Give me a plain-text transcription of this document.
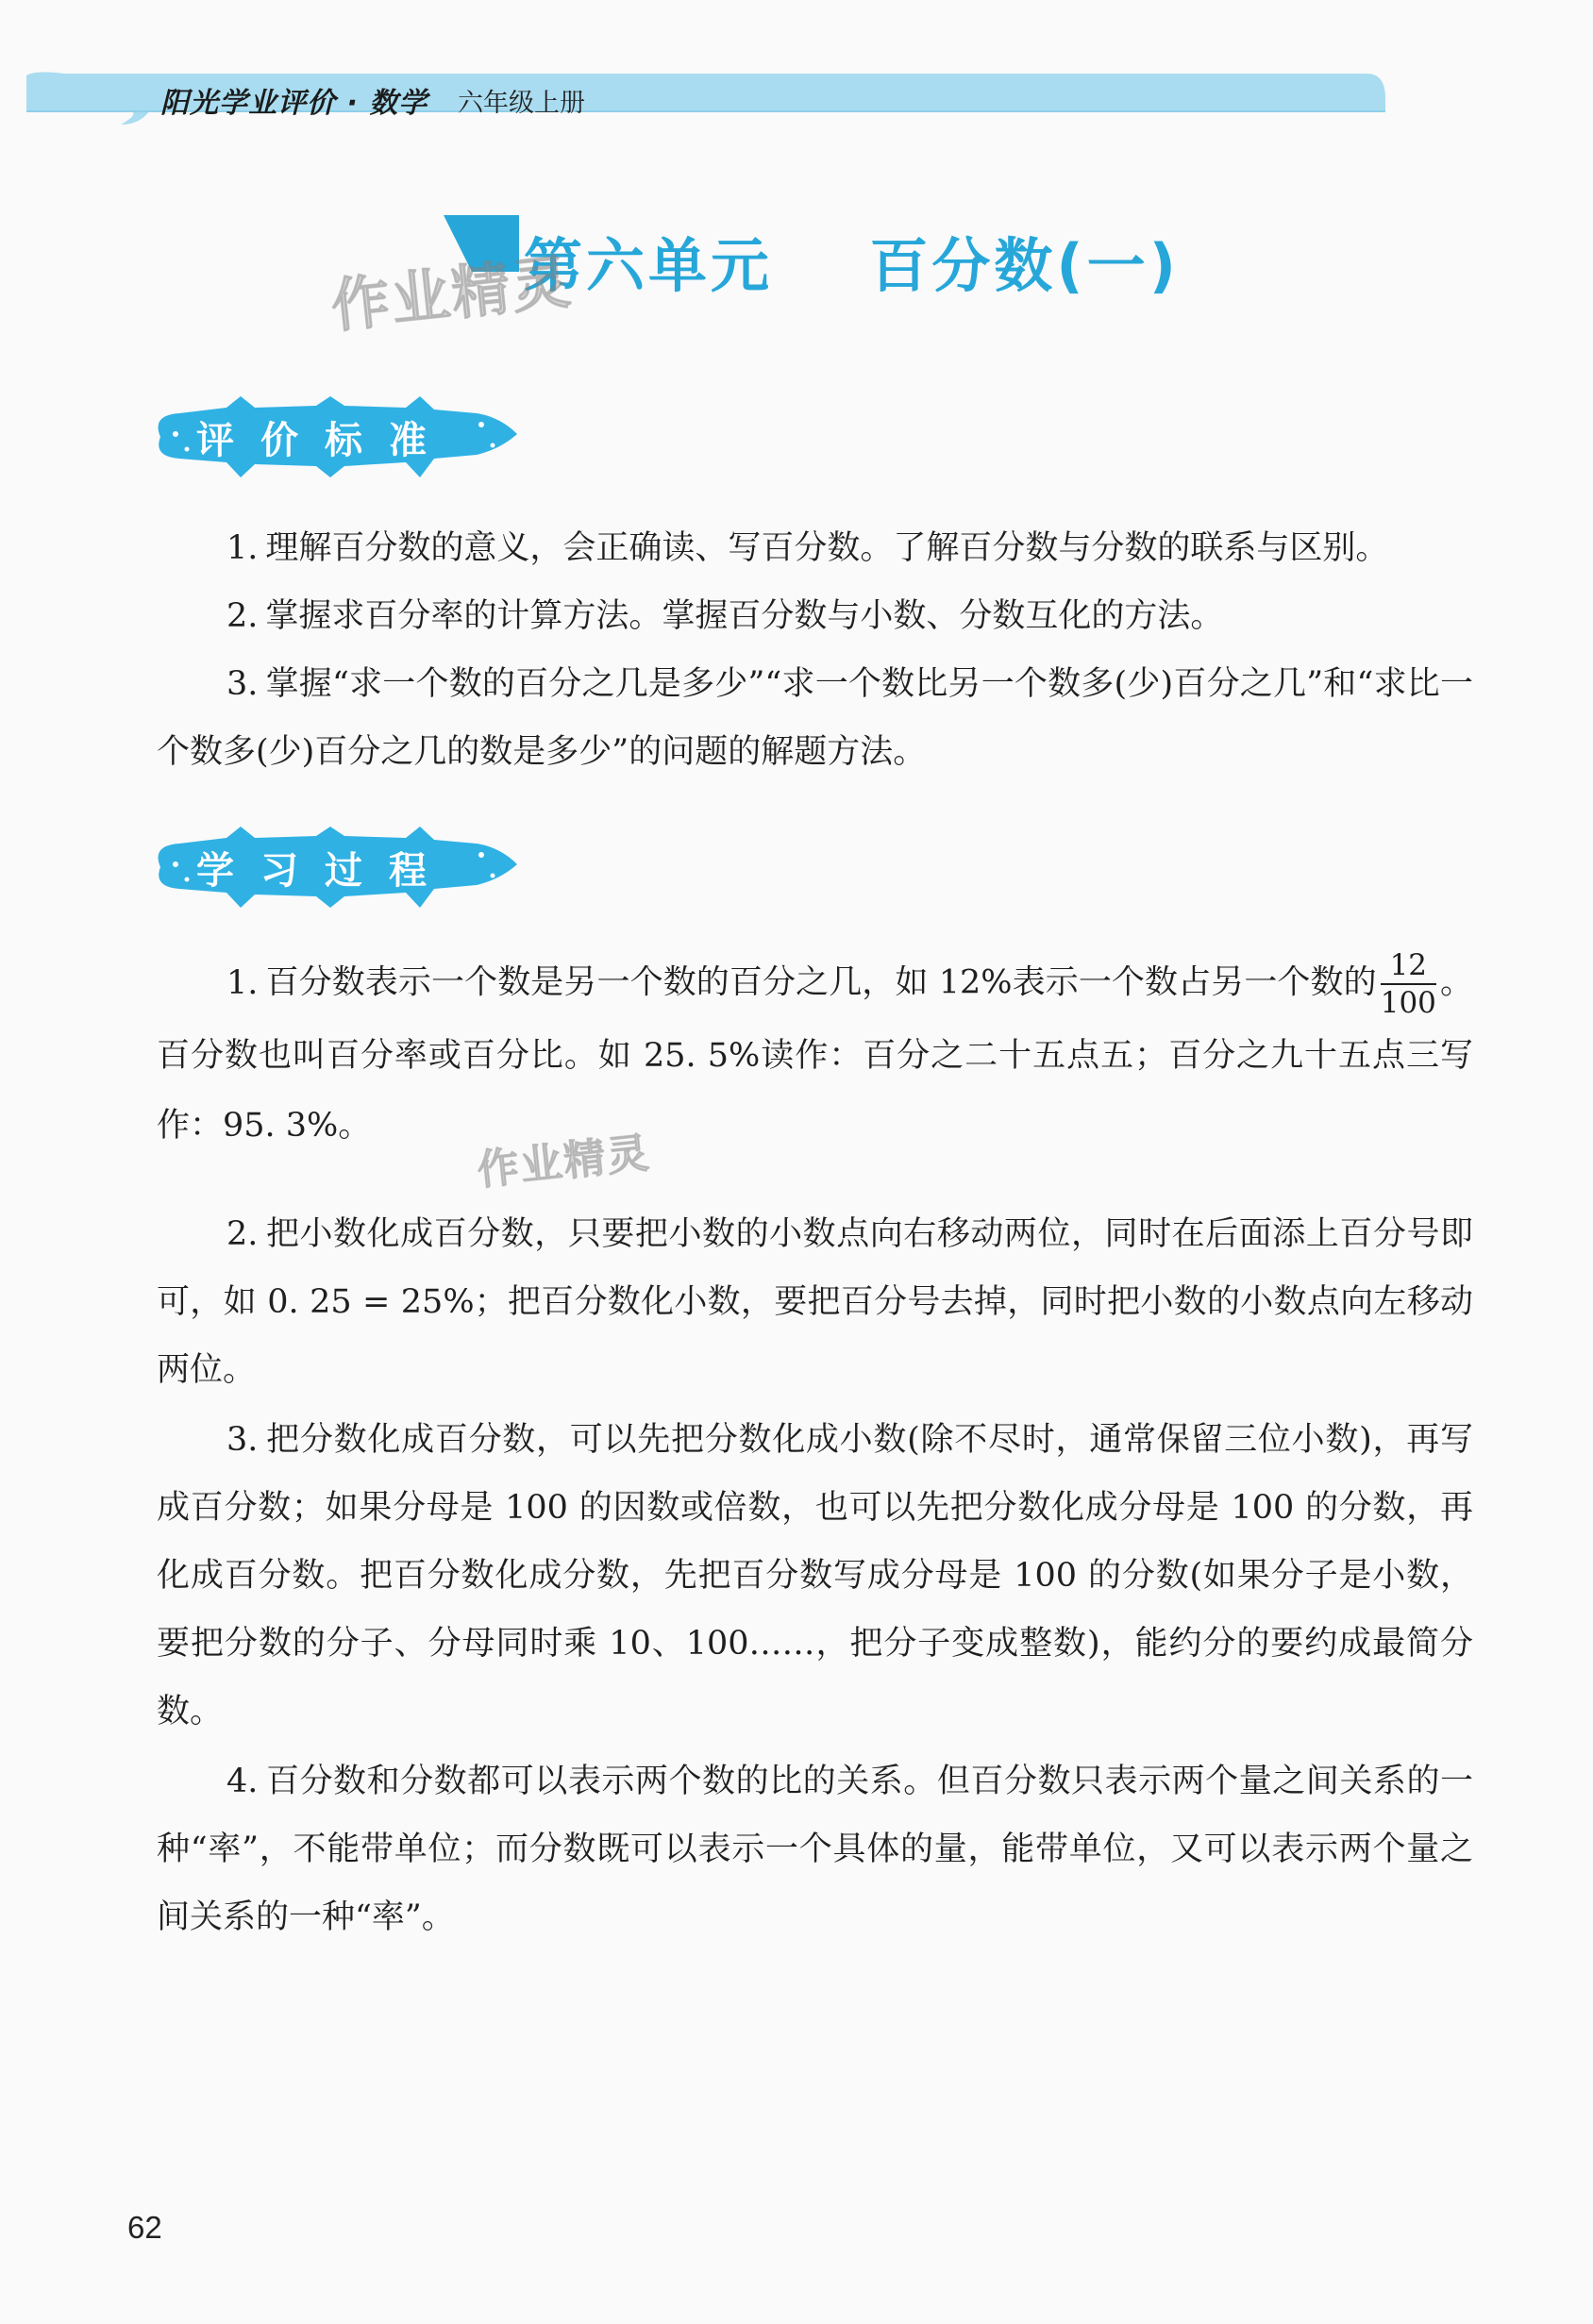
阳光学业评价 · 数学 六年级上册
第六单元    百分数(一)
作业精灵
评价标准

1. 理解百分数的意义，会正确读、写百分数。了解百分数与分数的联系与区别。

2. 掌握求百分率的计算方法。掌握百分数与小数、分数互化的方法。

3. 掌握“求一个数的百分之几是多少”“求一个数比另一个数多(少)百分之几”和“求比一个数多(少)百分之几的数是多少”的问题的解题方法。

学习过程

1. 百分数表示一个数是另一个数的百分之几，如 12%表示一个数占另一个数的 $\frac{12}{100}$ 。百分数也叫百分率或百分比。如 25. 5%读作：百分之二十五点五；百分之九十五点三写作：95. 3%。

作业精灵

2. 把小数化成百分数，只要把小数的小数点向右移动两位，同时在后面添上百分号即可，如 0. 25 = 25%；把百分数化小数，要把百分号去掉，同时把小数的小数点向左移动两位。

3. 把分数化成百分数，可以先把分数化成小数(除不尽时，通常保留三位小数)，再写成百分数；如果分母是 100 的因数或倍数，也可以先把分数化成分母是 100 的分数，再化成百分数。把百分数化成分数，先把百分数写成分母是 100 的分数(如果分子是小数，要把分数的分子、分母同时乘 10、100……，把分子变成整数)，能约分的要约成最简分数。

4. 百分数和分数都可以表示两个数的比的关系。但百分数只表示两个量之间关系的一种“率”，不能带单位；而分数既可以表示一个具体的量，能带单位，又可以表示两个量之间关系的一种“率”。

62
